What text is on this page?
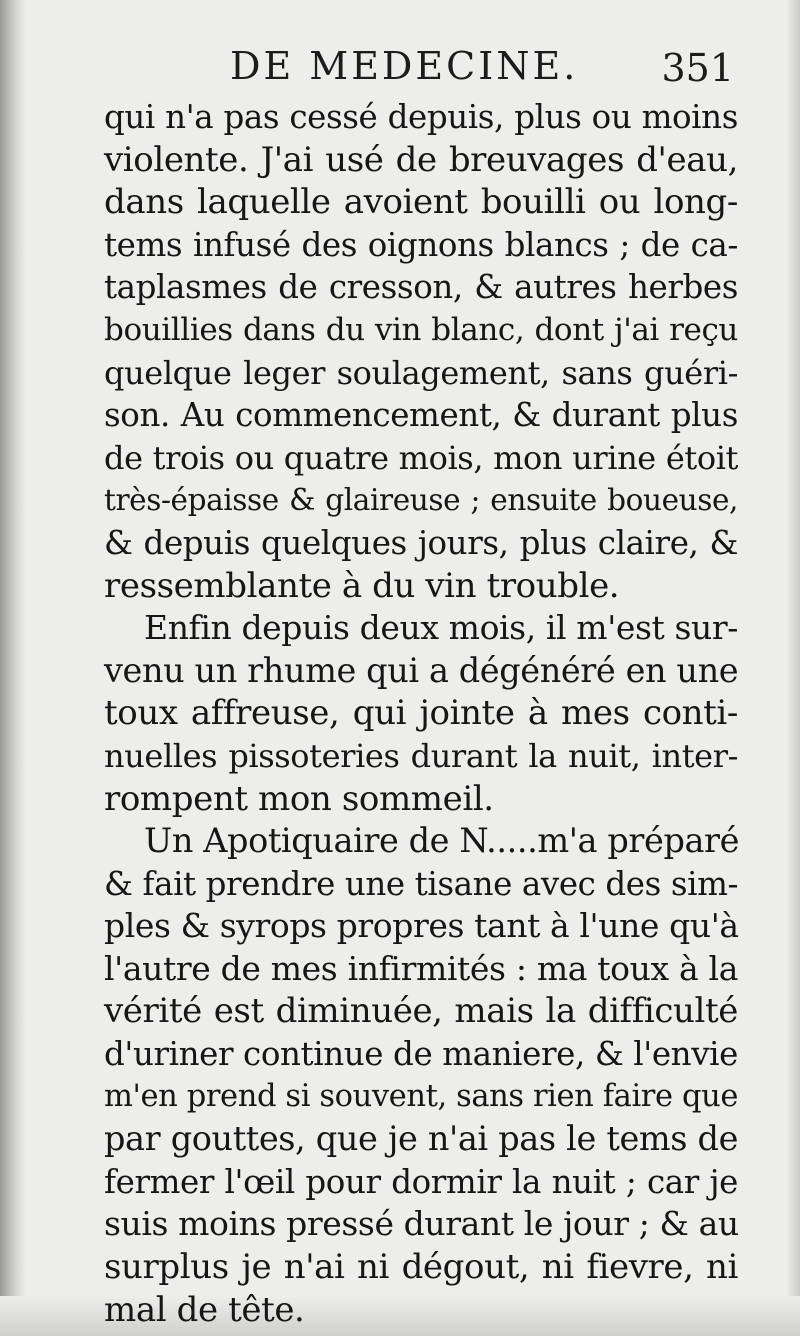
DE MEDECINE. 351
qui n'a pas cessé depuis, plus ou moins
violente. J'ai usé de breuvages d'eau,
dans laquelle avoient bouilli ou long-
tems infusé des oignons blancs ; de ca-
taplasmes de cresson, & autres herbes
bouillies dans du vin blanc, dont j'ai reçu
quelque leger soulagement, sans guéri-
son. Au commencement, & durant plus
de trois ou quatre mois, mon urine étoit
très-épaisse & glaireuse ; ensuite boueuse,
& depuis quelques jours, plus claire, &
ressemblante à du vin trouble.
Enfin depuis deux mois, il m'est sur-
venu un rhume qui a dégénéré en une
toux affreuse, qui jointe à mes conti-
nuelles pissoteries durant la nuit, inter-
rompent mon sommeil.
Un Apotiquaire de N.....m'a préparé
& fait prendre une tisane avec des sim-
ples & syrops propres tant à l'une qu'à
l'autre de mes infirmités : ma toux à la
vérité est diminuée, mais la difficulté
d'uriner continue de maniere, & l'envie
m'en prend si souvent, sans rien faire que
par gouttes, que je n'ai pas le tems de
fermer l'œil pour dormir la nuit ; car je
suis moins pressé durant le jour ; & au
surplus je n'ai ni dégout, ni fievre, ni
mal de tête.
